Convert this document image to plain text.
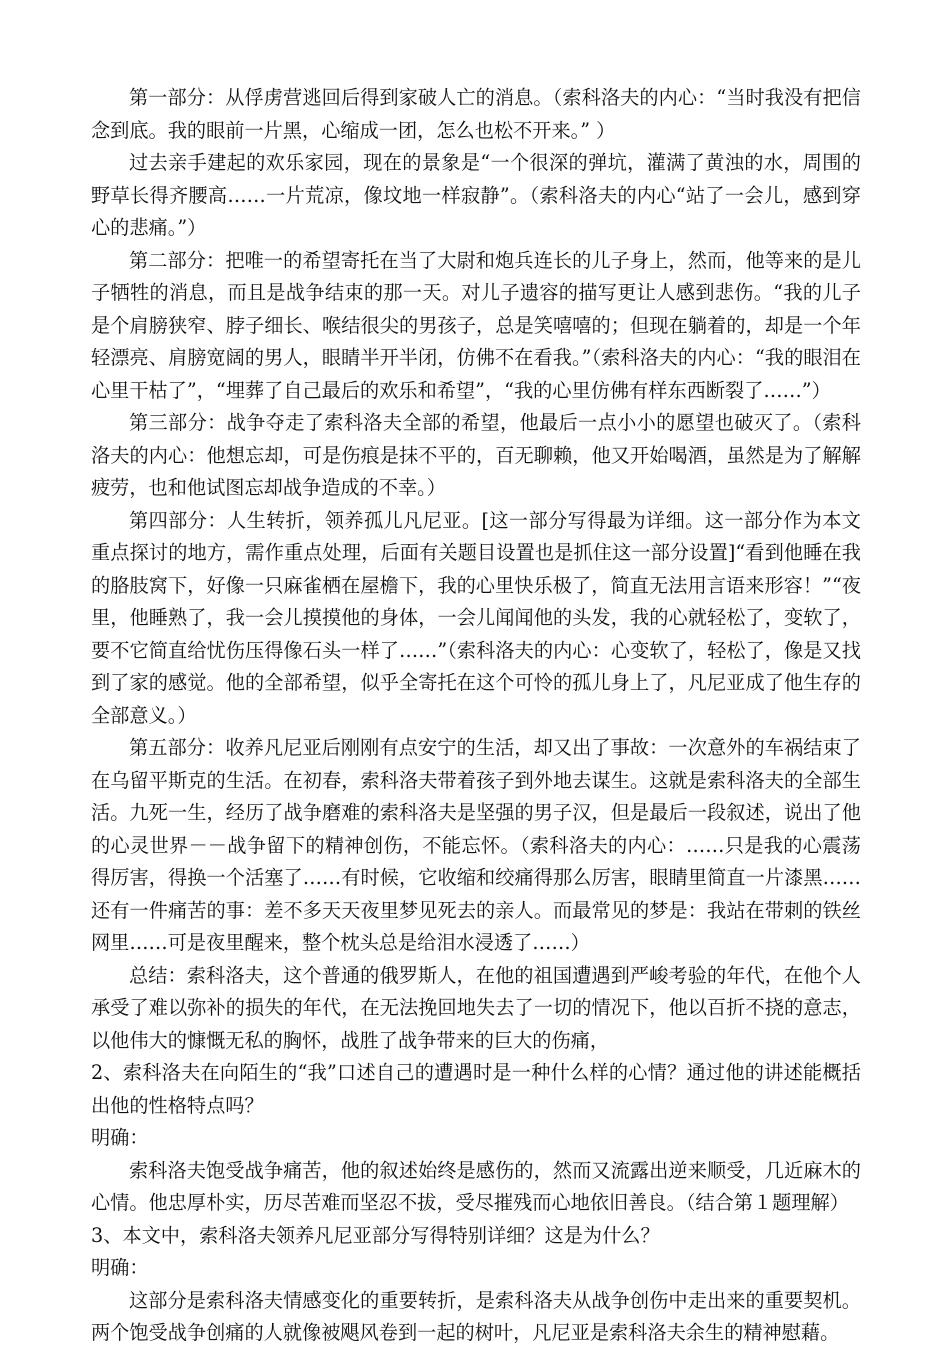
第一部分：从俘虏营逃回后得到家破人亡的消息。（索科洛夫的内心：“当时我没有把信念到底。我的眼前一片黑，心缩成一团，怎么也松不开来。” ）

过去亲手建起的欢乐家园，现在的景象是“一个很深的弹坑，灌满了黄浊的水，周围的野草长得齐腰高……一片荒凉，像坟地一样寂静”。（索科洛夫的内心“站了一会儿，感到穿心的悲痛。”）

第二部分：把唯一的希望寄托在当了大尉和炮兵连长的儿子身上，然而，他等来的是儿子牺牲的消息，而且是战争结束的那一天。对儿子遗容的描写更让人感到悲伤。“我的儿子是个肩膀狭窄、脖子细长、喉结很尖的男孩子，总是笑嘻嘻的；但现在躺着的，却是一个年轻漂亮、肩膀宽阔的男人，眼睛半开半闭，仿佛不在看我。”（索科洛夫的内心：“我的眼泪在心里干枯了”，“埋葬了自己最后的欢乐和希望”，“我的心里仿佛有样东西断裂了……”）

第三部分：战争夺走了索科洛夫全部的希望，他最后一点小小的愿望也破灭了。（索科洛夫的内心：他想忘却，可是伤痕是抹不平的，百无聊赖，他又开始喝酒，虽然是为了解解疲劳，也和他试图忘却战争造成的不幸。）

第四部分：人生转折，领养孤儿凡尼亚。[这一部分写得最为详细。这一部分作为本文重点探讨的地方，需作重点处理，后面有关题目设置也是抓住这一部分设置]“看到他睡在我的胳肢窝下，好像一只麻雀栖在屋檐下，我的心里快乐极了，简直无法用言语来形容！”“夜里，他睡熟了，我一会儿摸摸他的身体，一会儿闻闻他的头发，我的心就轻松了，变软了，要不它简直给忧伤压得像石头一样了……”（索科洛夫的内心：心变软了，轻松了，像是又找到了家的感觉。他的全部希望，似乎全寄托在这个可怜的孤儿身上了，凡尼亚成了他生存的全部意义。）

第五部分：收养凡尼亚后刚刚有点安宁的生活，却又出了事故：一次意外的车祸结束了在乌留平斯克的生活。在初春，索科洛夫带着孩子到外地去谋生。这就是索科洛夫的全部生活。九死一生，经历了战争磨难的索科洛夫是坚强的男子汉，但是最后一段叙述，说出了他的心灵世界－－战争留下的精神创伤，不能忘怀。（索科洛夫的内心：……只是我的心震荡得厉害，得换一个活塞了……有时候，它收缩和绞痛得那么厉害，眼睛里简直一片漆黑……还有一件痛苦的事：差不多天天夜里梦见死去的亲人。而最常见的梦是：我站在带刺的铁丝网里……可是夜里醒来，整个枕头总是给泪水浸透了……）

总结：索科洛夫，这个普通的俄罗斯人，在他的祖国遭遇到严峻考验的年代，在他个人承受了难以弥补的损失的年代，在无法挽回地失去了一切的情况下，他以百折不挠的意志，以他伟大的慷慨无私的胸怀，战胜了战争带来的巨大的伤痛，

2、索科洛夫在向陌生的“我”口述自己的遭遇时是一种什么样的心情？通过他的讲述能概括出他的性格特点吗？

明确：

索科洛夫饱受战争痛苦，他的叙述始终是感伤的，然而又流露出逆来顺受，几近麻木的心情。他忠厚朴实，历尽苦难而坚忍不拔，受尽摧残而心地依旧善良。（结合第１题理解）

3、本文中，索科洛夫领养凡尼亚部分写得特别详细？这是为什么？

明确：

这部分是索科洛夫情感变化的重要转折，是索科洛夫从战争创伤中走出来的重要契机。两个饱受战争创痛的人就像被飓风卷到一起的树叶，凡尼亚是索科洛夫余生的精神慰藉。
